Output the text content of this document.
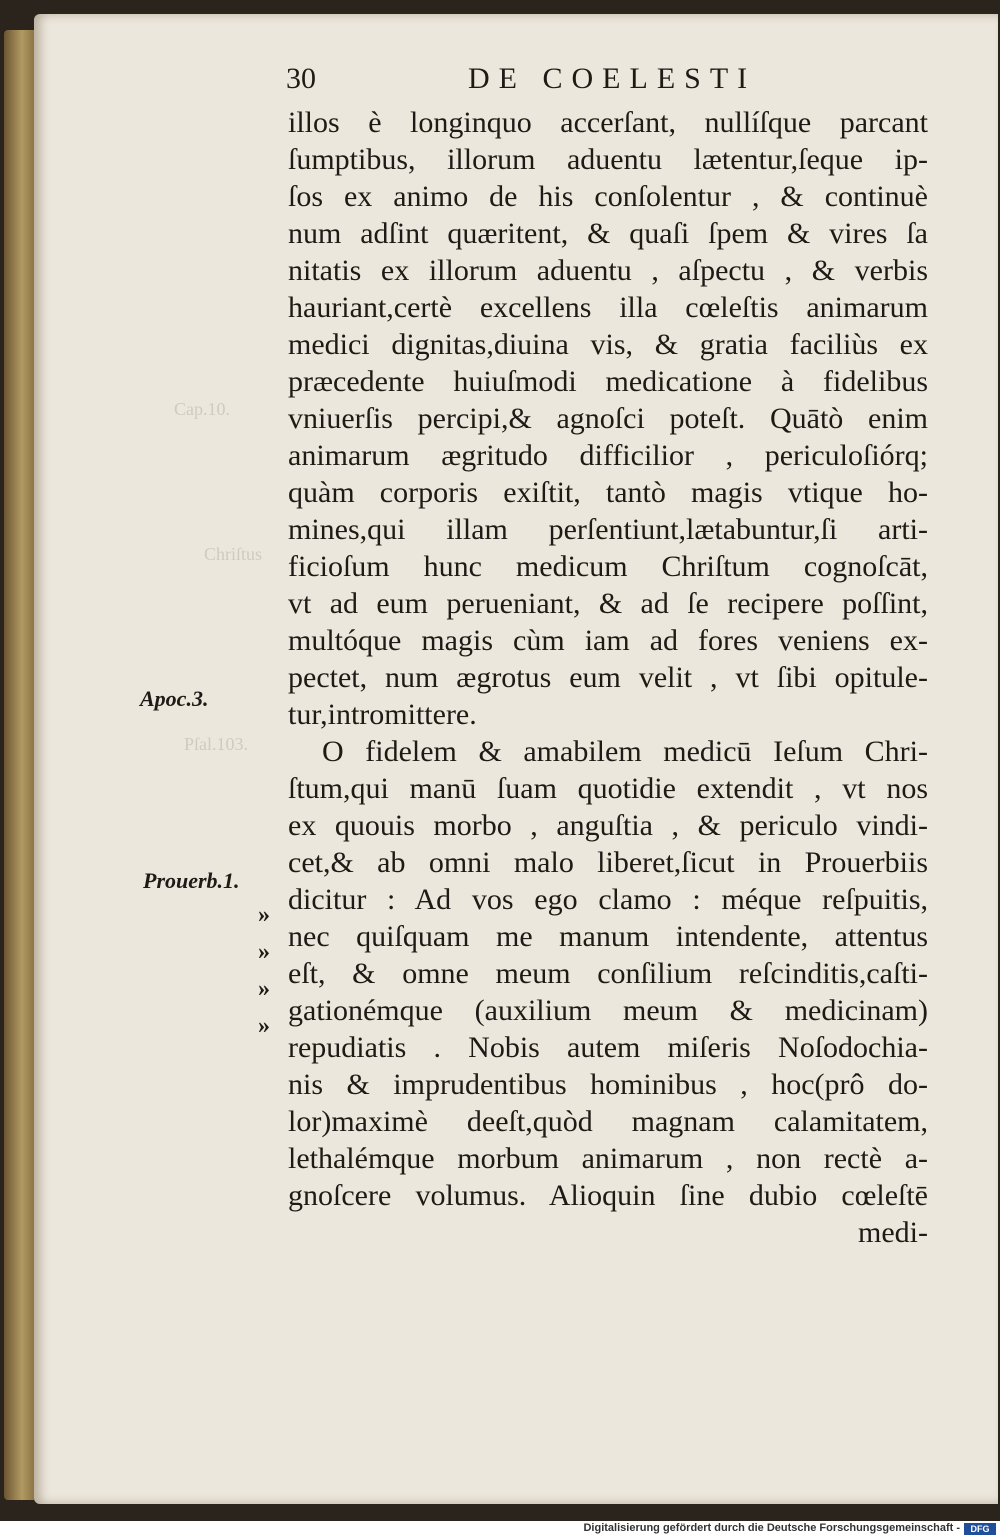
Cap.10.
Chriſtus
Pſal.103.
30	DE COELESTI
illos è longinquo accerſant, nullíſque parcant
ſumptibus, illorum aduentu lætentur,ſeque ip-
ſos ex animo de his conſolentur , & continuè
num adſint quæritent, & quaſi ſpem & vires ſa
nitatis ex illorum aduentu , aſpectu , & verbis
hauriant,certè excellens illa cœleſtis animarum
medici dignitas,diuina vis, & gratia faciliùs ex
præcedente huiuſmodi medicatione à fidelibus
vniuerſis percipi,& agnoſci poteſt. Quātò enim
animarum ægritudo difficilior , periculoſiórq;
quàm corporis exiſtit, tantò magis vtique ho-
mines,qui illam perſentiunt,lætabuntur,ſi arti-
ficioſum hunc medicum Chriſtum cognoſcāt,
vt ad eum perueniant, & ad ſe recipere poſſint,
multóque magis cùm iam ad fores veniens ex-
pectet, num ægrotus eum velit , vt ſibi opitule-
tur,intromittere.
O fidelem & amabilem medicū Ieſum Chri-
ſtum,qui manū ſuam quotidie extendit , vt nos
ex quouis morbo , anguſtia , & periculo vindi-
cet,& ab omni malo liberet,ſicut in Prouerbiis
dicitur : Ad vos ego clamo : méque reſpuitis,
nec quiſquam me manum intendente, attentus
eſt, & omne meum conſilium reſcinditis,caſti-
gationémque (auxilium meum & medicinam)
repudiatis . Nobis autem miſeris Noſodochia-
nis & imprudentibus hominibus , hoc(prô do-
lor)maximè deeſt,quòd magnam calamitatem,
lethalémque morbum animarum , non rectè a-
gnoſcere volumus. Alioquin ſine dubio cœleſtē
medi-
Apoc.3.
Prouerb.1.
»
»
»
»
Digitalisierung gefördert durch die Deutsche Forschungsgemeinschaft -	DFG
